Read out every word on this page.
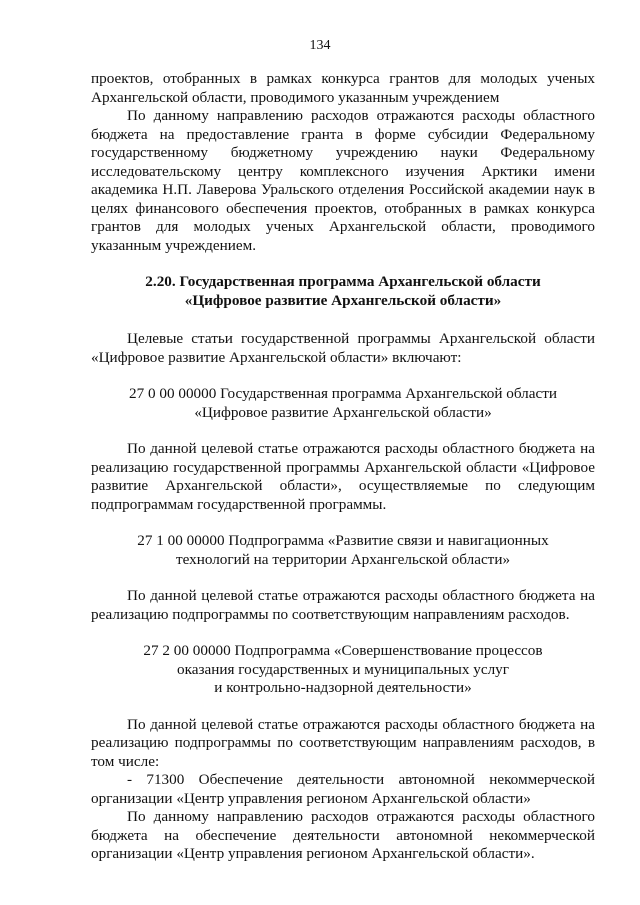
134

проектов, отобранных в рамках конкурса грантов для молодых ученых Архангельской области, проводимого указанным учреждением

По данному направлению расходов отражаются расходы областного бюджета на предоставление гранта в форме субсидии Федеральному государственному бюджетному учреждению науки Федеральному исследовательскому центру комплексного изучения Арктики имени академика Н.П. Лаверова Уральского отделения Российской академии наук в целях финансового обеспечения проектов, отобранных в рамках конкурса грантов для молодых ученых Архангельской области, проводимого указанным учреждением.

2.20. Государственная программа Архангельской области
«Цифровое развитие Архангельской области»

Целевые статьи государственной программы Архангельской области «Цифровое развитие Архангельской области» включают:

27 0 00 00000 Государственная программа Архангельской области
«Цифровое развитие Архангельской области»

По данной целевой статье отражаются расходы областного бюджета на реализацию государственной программы Архангельской области «Цифровое развитие Архангельской области», осуществляемые по следующим подпрограммам государственной программы.

27 1 00 00000 Подпрограмма «Развитие связи и навигационных
технологий на территории Архангельской области»

По данной целевой статье отражаются расходы областного бюджета на реализацию подпрограммы по соответствующим направлениям расходов.

27 2 00 00000 Подпрограмма «Совершенствование процессов
оказания государственных и муниципальных услуг
и контрольно-надзорной деятельности»

По данной целевой статье отражаются расходы областного бюджета на реализацию подпрограммы по соответствующим направлениям расходов, в том числе:

- 71300 Обеспечение деятельности автономной некоммерческой организации «Центр управления регионом Архангельской области»

По данному направлению расходов отражаются расходы областного бюджета на обеспечение деятельности автономной некоммерческой организации «Центр управления регионом Архангельской области».
